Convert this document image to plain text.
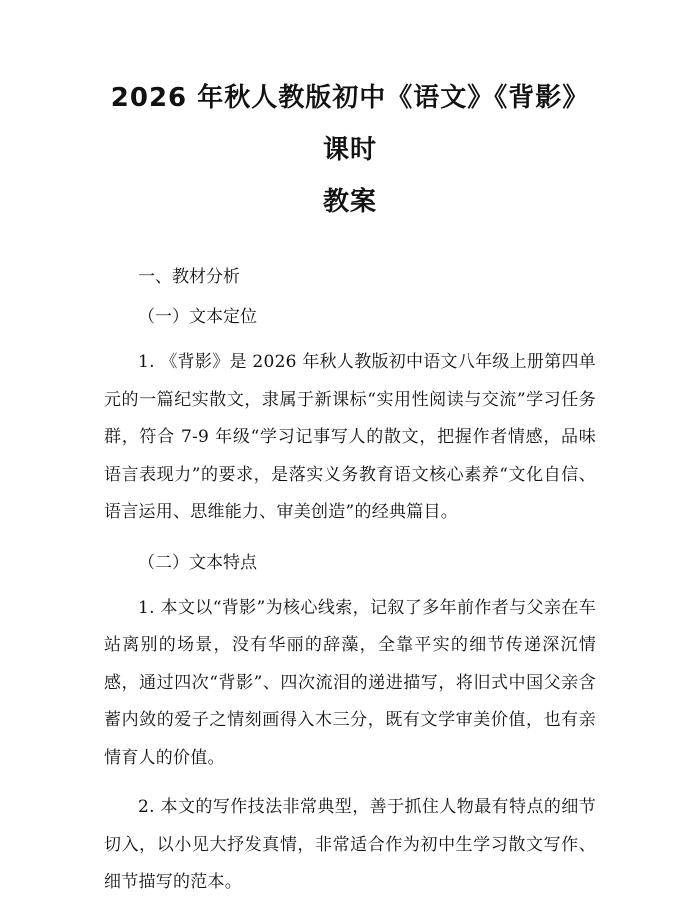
2026 年秋人教版初中《语文》《背影》课时
教案
一、教材分析
（一）文本定位

1. 《背影》是 2026 年秋人教版初中语文八年级上册第四单元的一篇纪实散文，隶属于新课标“实用性阅读与交流”学习任务群，符合 7-9 年级“学习记事写人的散文，把握作者情感，品味语言表现力”的要求，是落实义务教育语文核心素养“文化自信、语言运用、思维能力、审美创造”的经典篇目。

（二）文本特点

1. 本文以“背影”为核心线索，记叙了多年前作者与父亲在车站离别的场景，没有华丽的辞藻，全靠平实的细节传递深沉情感，通过四次“背影”、四次流泪的递进描写，将旧式中国父亲含蓄内敛的爱子之情刻画得入木三分，既有文学审美价值，也有亲情育人的价值。

2. 本文的写作技法非常典型，善于抓住人物最有特点的细节切入，以小见大抒发真情，非常适合作为初中生学习散文写作、细节描写的范本。
